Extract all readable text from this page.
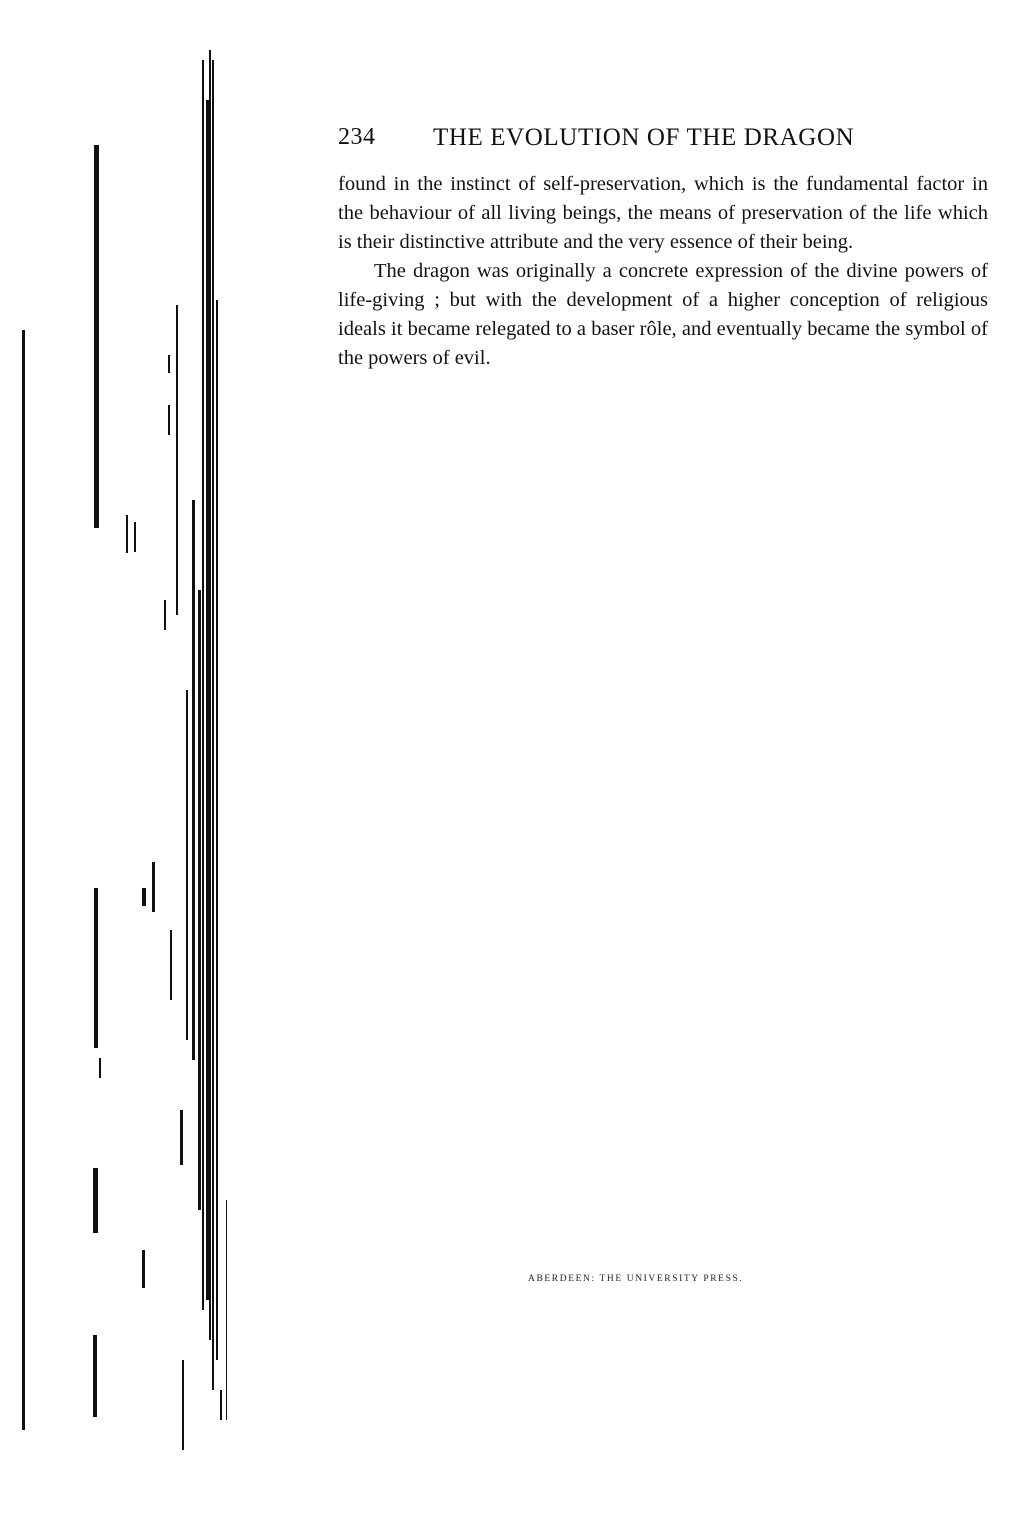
234 THE EVOLUTION OF THE DRAGON

found in the instinct of self-preservation, which is the fundamental factor in the behaviour of all living beings, the means of preservation of the life which is their distinctive attribute and the very essence of their being.

The dragon was originally a concrete expression of the divine powers of life-giving ; but with the development of a higher conception of religious ideals it became relegated to a baser rôle, and eventually became the symbol of the powers of evil.

ABERDEEN: THE UNIVERSITY PRESS.
